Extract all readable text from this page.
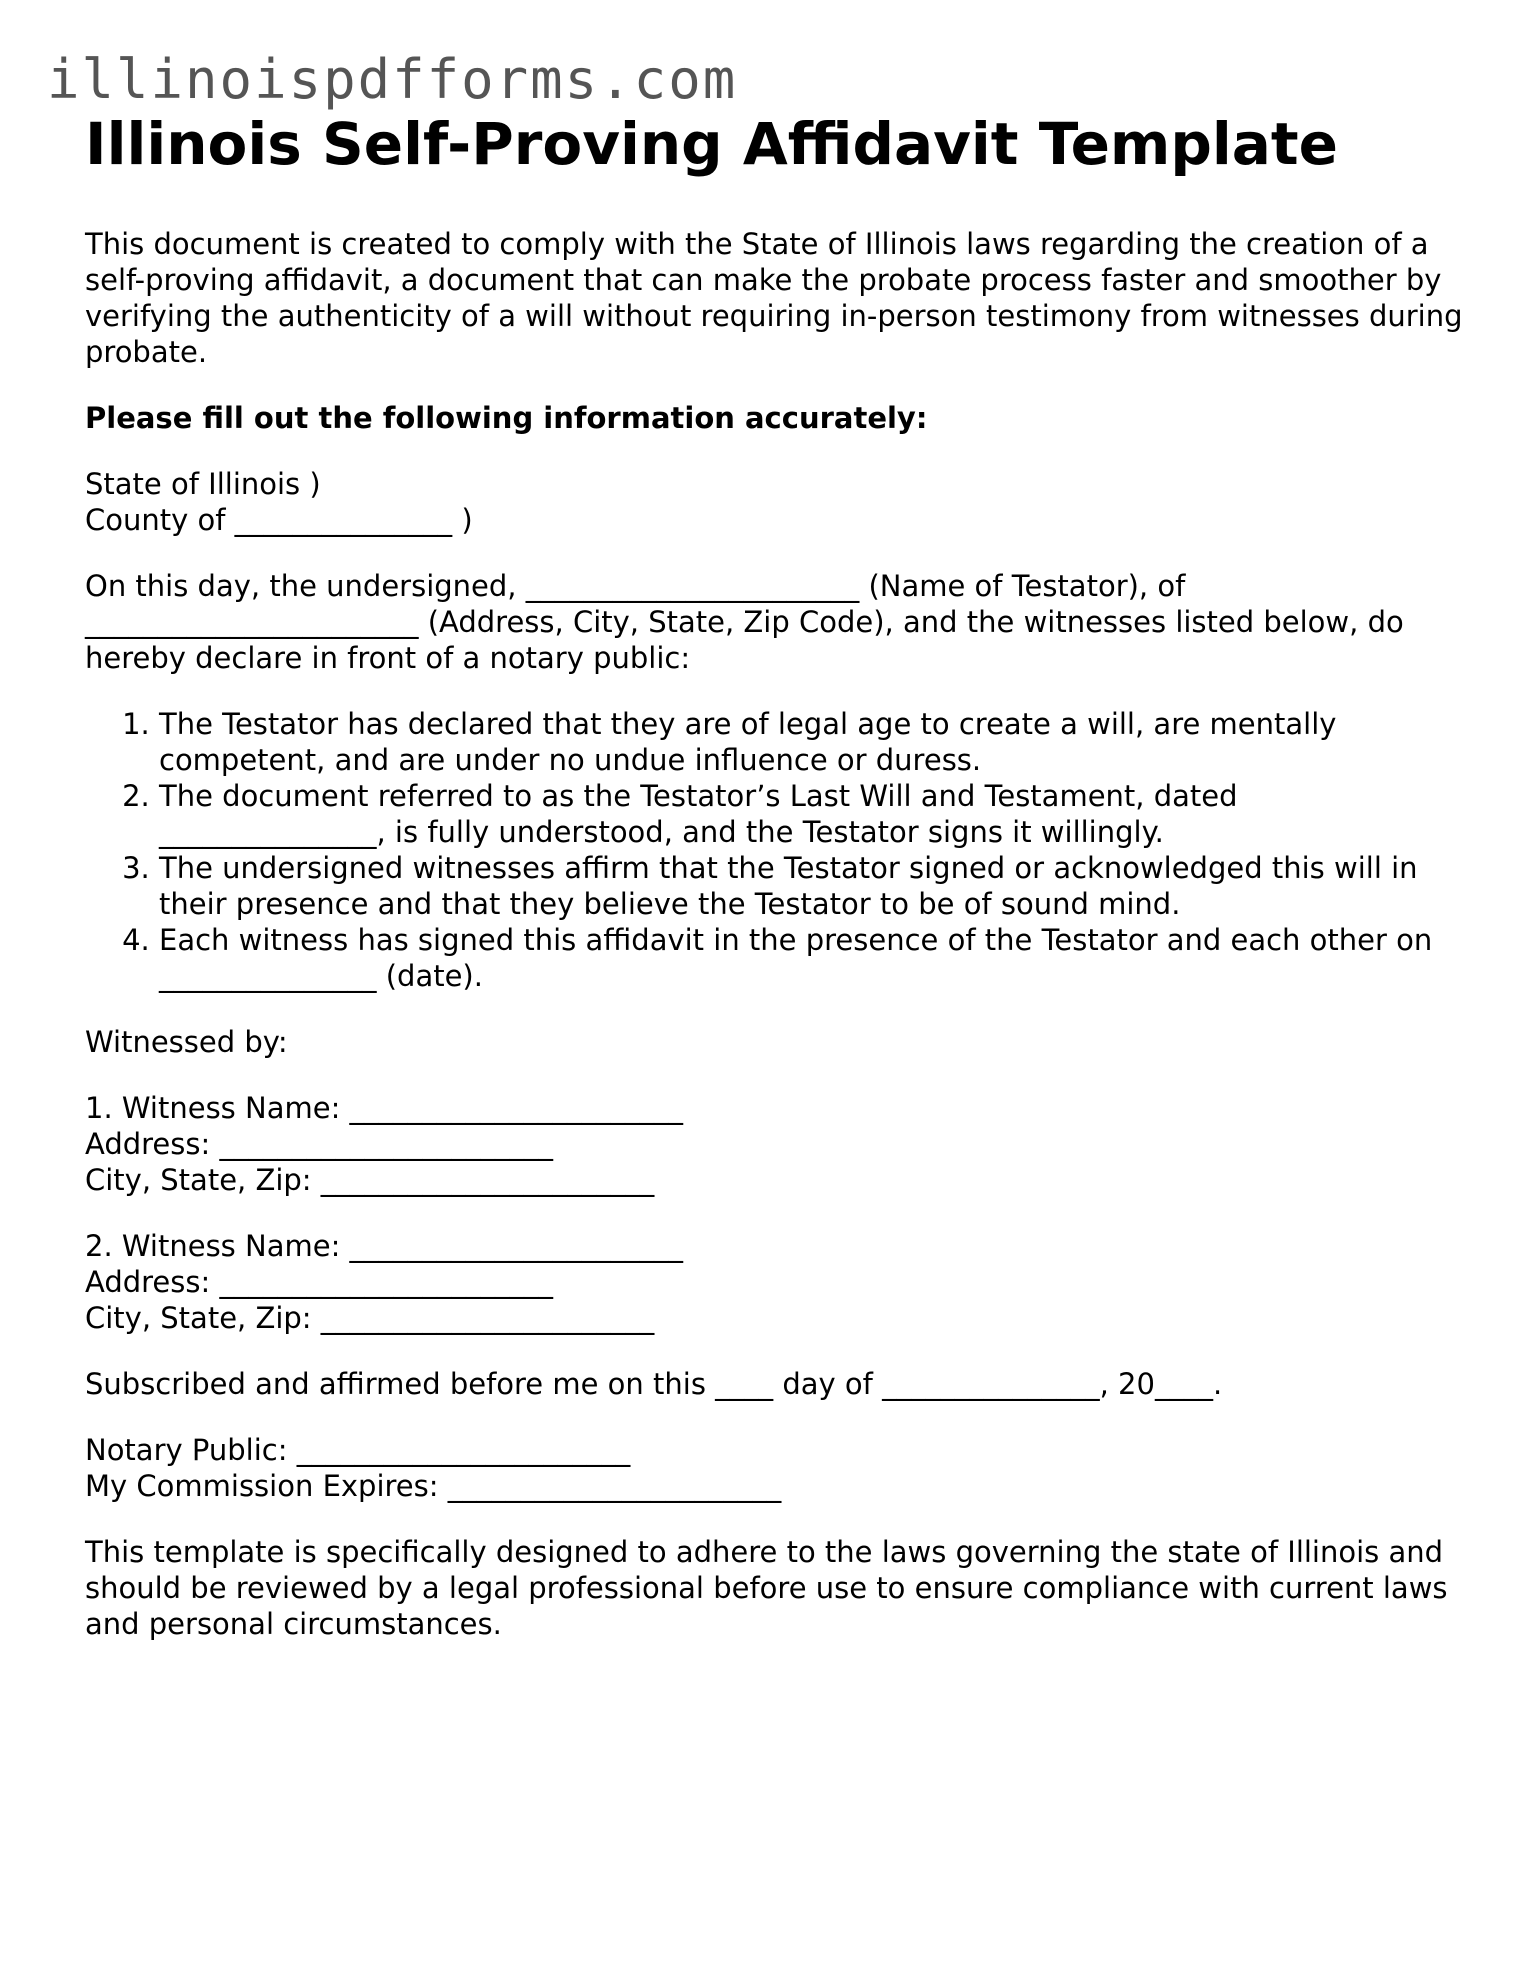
illinoispdfforms.com
Illinois Self-Proving Affidavit Template

This document is created to comply with the State of Illinois laws regarding the creation of a self-proving affidavit, a document that can make the probate process faster and smoother by verifying the authenticity of a will without requiring in-person testimony from witnesses during probate.

Please fill out the following information accurately:

State of Illinois )
County of _______________ )

On this day, the undersigned, _______________________ (Name of Testator), of _______________________ (Address, City, State, Zip Code), and the witnesses listed below, do hereby declare in front of a notary public:

1. The Testator has declared that they are of legal age to create a will, are mentally competent, and are under no undue influence or duress.
2. The document referred to as the Testator’s Last Will and Testament, dated _______________, is fully understood, and the Testator signs it willingly.
3. The undersigned witnesses affirm that the Testator signed or acknowledged this will in their presence and that they believe the Testator to be of sound mind.
4. Each witness has signed this affidavit in the presence of the Testator and each other on _______________ (date).

Witnessed by:

1. Witness Name: _______________________
Address: _______________________
City, State, Zip: _______________________
2. Witness Name: _______________________
Address: _______________________
City, State, Zip: _______________________

Subscribed and affirmed before me on this ____ day of _______________, 20____.

Notary Public: _______________________
My Commission Expires: _______________________

This template is specifically designed to adhere to the laws governing the state of Illinois and should be reviewed by a legal professional before use to ensure compliance with current laws and personal circumstances.
